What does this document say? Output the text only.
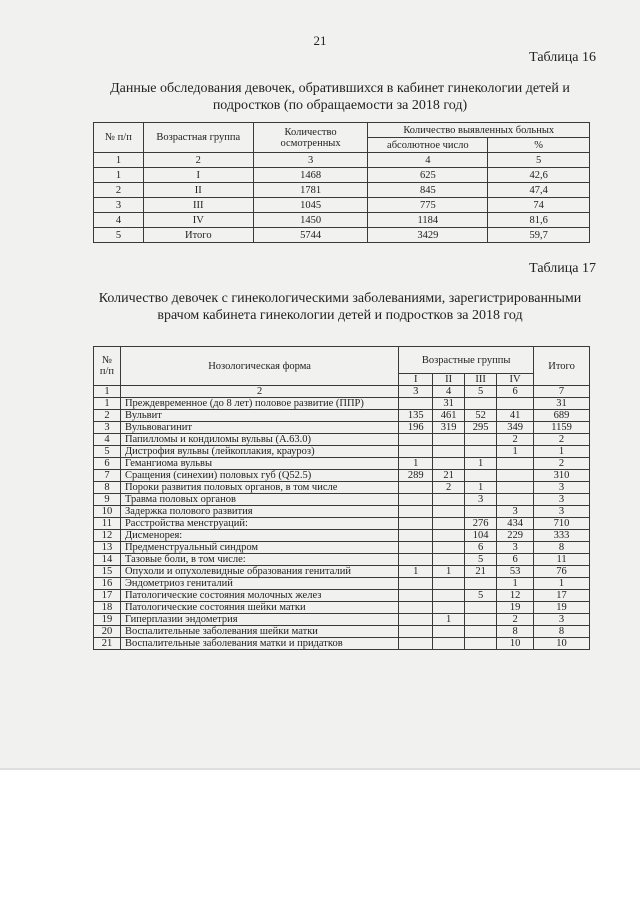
21
Таблица 16
Данные обследования девочек, обратившихся в кабинет гинекологии детей и подростков (по обращаемости за 2018 год)
№ п/п	Возрастная группа	Количество осмотренных	Количество выявленных больных	
			абсолютное число	%
1	2	3	4	5
1	I	1468	625	42,6
2	II	1781	845	47,4
3	III	1045	775	74
4	IV	1450	1184	81,6
5	Итого	5744	3429	59,7
Таблица 17
Количество девочек с гинекологическими заболеваниями, зарегистрированными врачом кабинета гинекологии детей и подростков за 2018 год
№ п/п	Нозологическая форма	Возрастные группы				Итого
		I	II	III	IV	
1	2	3	4	5	6	7
1	Преждевременное (до 8 лет) половое развитие (ППР)		31			31
2	Вульвит	135	461	52	41	689
3	Вульвовагинит	196	319	295	349	1159
4	Папилломы и кондиломы вульвы (А.63.0)				2	2
5	Дистрофия вульвы (лейкоплакия, крауроз)				1	1
6	Гемангиома вульвы	1		1		2
7	Сращения (синехии) половых губ (Q52.5)	289	21			310
8	Пороки развития половых органов, в том числе		2	1		3
9	Травма половых органов			3		3
10	Задержка полового развития				3	3
11	Расстройства менструаций:			276	434	710
12	Дисменорея:			104	229	333
13	Предменструальный синдром			6	3	8
14	Тазовые боли, в том числе:			5	6	11
15	Опухоли и опухолевидные образования гениталий	1	1	21	53	76
16	Эндометриоз гениталий				1	1
17	Патологические состояния молочных желез			5	12	17
18	Патологические состояния шейки матки				19	19
19	Гиперплазии эндометрия		1		2	3
20	Воспалительные заболевания шейки матки				8	8
21	Воспалительные заболевания матки и придатков				10	10
